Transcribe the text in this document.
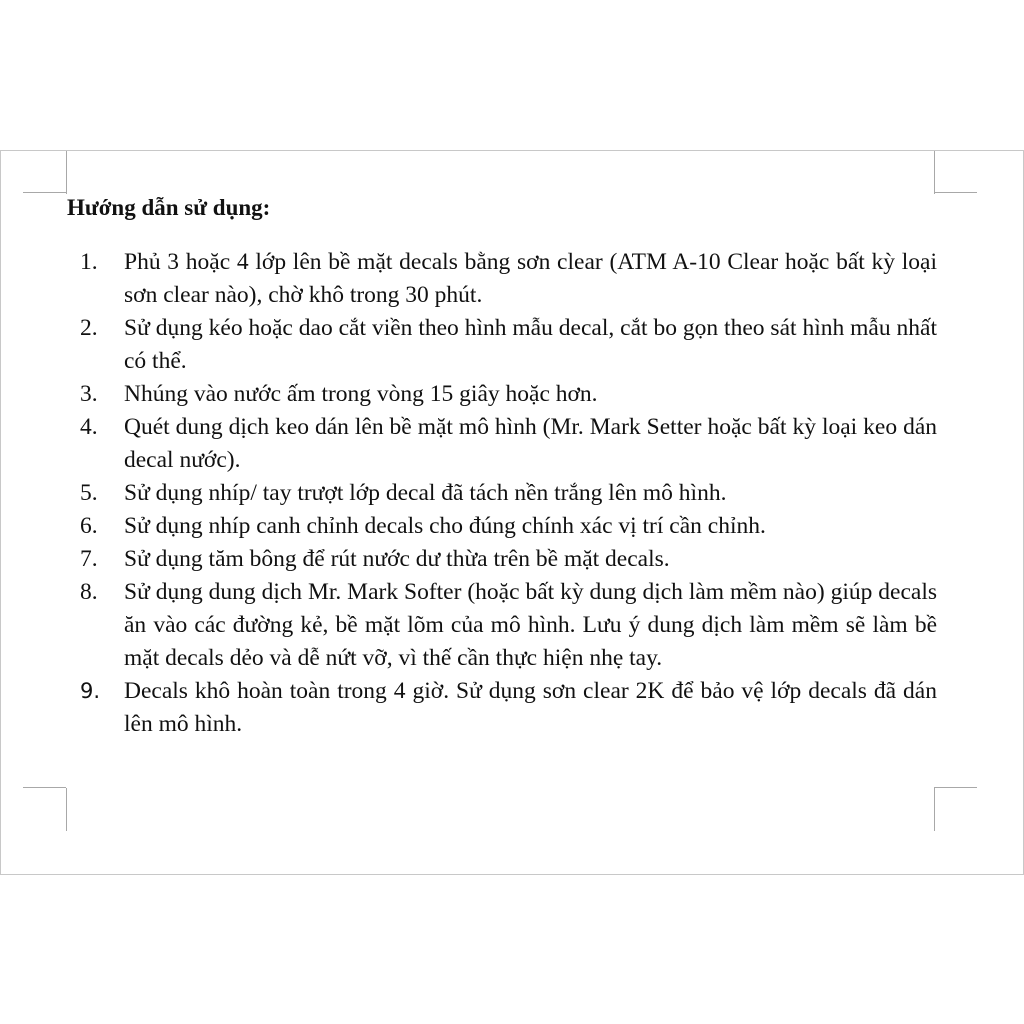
Hướng dẫn sử dụng:
1. Phủ 3 hoặc 4 lớp lên bề mặt decals bằng sơn clear (ATM A-10 Clear hoặc bất kỳ loại sơn clear nào), chờ khô trong 30 phút.
2. Sử dụng kéo hoặc dao cắt viền theo hình mẫu decal, cắt bo gọn theo sát hình mẫu nhất có thể.
3. Nhúng vào nước ấm trong vòng 15 giây hoặc hơn.
4. Quét dung dịch keo dán lên bề mặt mô hình (Mr. Mark Setter hoặc bất kỳ loại keo dán decal nước).
5. Sử dụng nhíp/ tay trượt lớp decal đã tách nền trắng lên mô hình.
6. Sử dụng nhíp canh chỉnh decals cho đúng chính xác vị trí cần chỉnh.
7. Sử dụng tăm bông để rút nước dư thừa trên bề mặt decals.
8. Sử dụng dung dịch Mr. Mark Softer (hoặc bất kỳ dung dịch làm mềm nào) giúp decals ăn vào các đường kẻ, bề mặt lõm của mô hình. Lưu ý dung dịch làm mềm sẽ làm bề mặt decals dẻo và dễ nứt vỡ, vì thế cần thực hiện nhẹ tay.
9. Decals khô hoàn toàn trong 4 giờ. Sử dụng sơn clear 2K để bảo vệ lớp decals đã dán lên mô hình.
